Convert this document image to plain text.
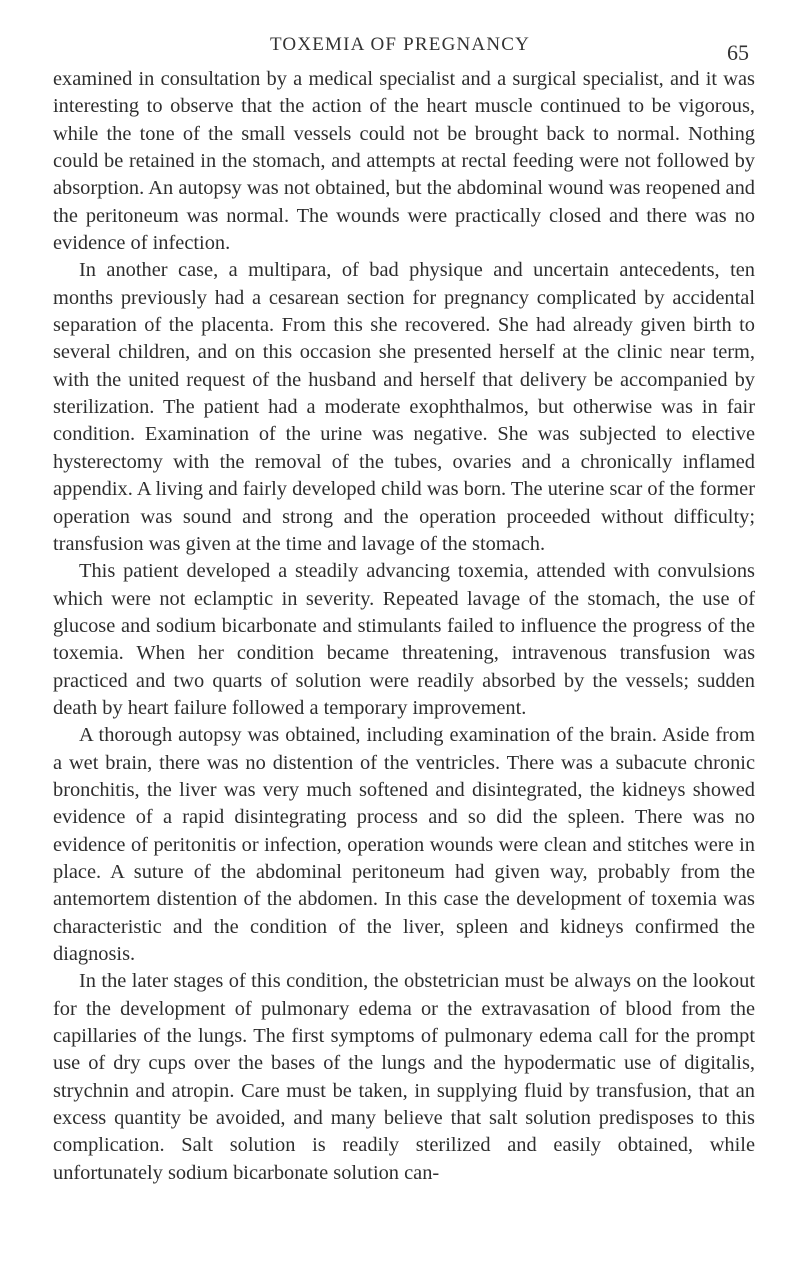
TOXEMIA OF PREGNANCY	65

examined in consultation by a medical specialist and a surgical specialist, and it was interesting to observe that the action of the heart muscle continued to be vigorous, while the tone of the small vessels could not be brought back to normal. Nothing could be retained in the stomach, and attempts at rectal feeding were not followed by absorption. An autopsy was not obtained, but the abdominal wound was reopened and the peritoneum was normal. The wounds were practically closed and there was no evidence of infection.

In another case, a multipara, of bad physique and uncertain antecedents, ten months previously had a cesarean section for pregnancy complicated by accidental separation of the placenta. From this she recovered. She had already given birth to several children, and on this occasion she presented herself at the clinic near term, with the united request of the husband and herself that delivery be accompanied by sterilization. The patient had a moderate exophthalmos, but otherwise was in fair condition. Examination of the urine was negative. She was subjected to elective hysterectomy with the removal of the tubes, ovaries and a chronically inflamed appendix. A living and fairly developed child was born. The uterine scar of the former operation was sound and strong and the operation proceeded without difficulty; transfusion was given at the time and lavage of the stomach.

This patient developed a steadily advancing toxemia, attended with convulsions which were not eclamptic in severity. Repeated lavage of the stomach, the use of glucose and sodium bicarbonate and stimulants failed to influence the progress of the toxemia. When her condition became threatening, intravenous transfusion was practiced and two quarts of solution were readily absorbed by the vessels; sudden death by heart failure followed a temporary improvement.

A thorough autopsy was obtained, including examination of the brain. Aside from a wet brain, there was no distention of the ventricles. There was a subacute chronic bronchitis, the liver was very much softened and disintegrated, the kidneys showed evidence of a rapid disintegrating process and so did the spleen. There was no evidence of peritonitis or infection, operation wounds were clean and stitches were in place. A suture of the abdominal peritoneum had given way, probably from the antemortem distention of the abdomen. In this case the development of toxemia was characteristic and the condition of the liver, spleen and kidneys confirmed the diagnosis.

In the later stages of this condition, the obstetrician must be always on the lookout for the development of pulmonary edema or the extravasation of blood from the capillaries of the lungs. The first symptoms of pulmonary edema call for the prompt use of dry cups over the bases of the lungs and the hypodermatic use of digitalis, strychnin and atropin. Care must be taken, in supplying fluid by transfusion, that an excess quantity be avoided, and many believe that salt solution predisposes to this complication. Salt solution is readily sterilized and easily obtained, while unfortunately sodium bicarbonate solution can-
